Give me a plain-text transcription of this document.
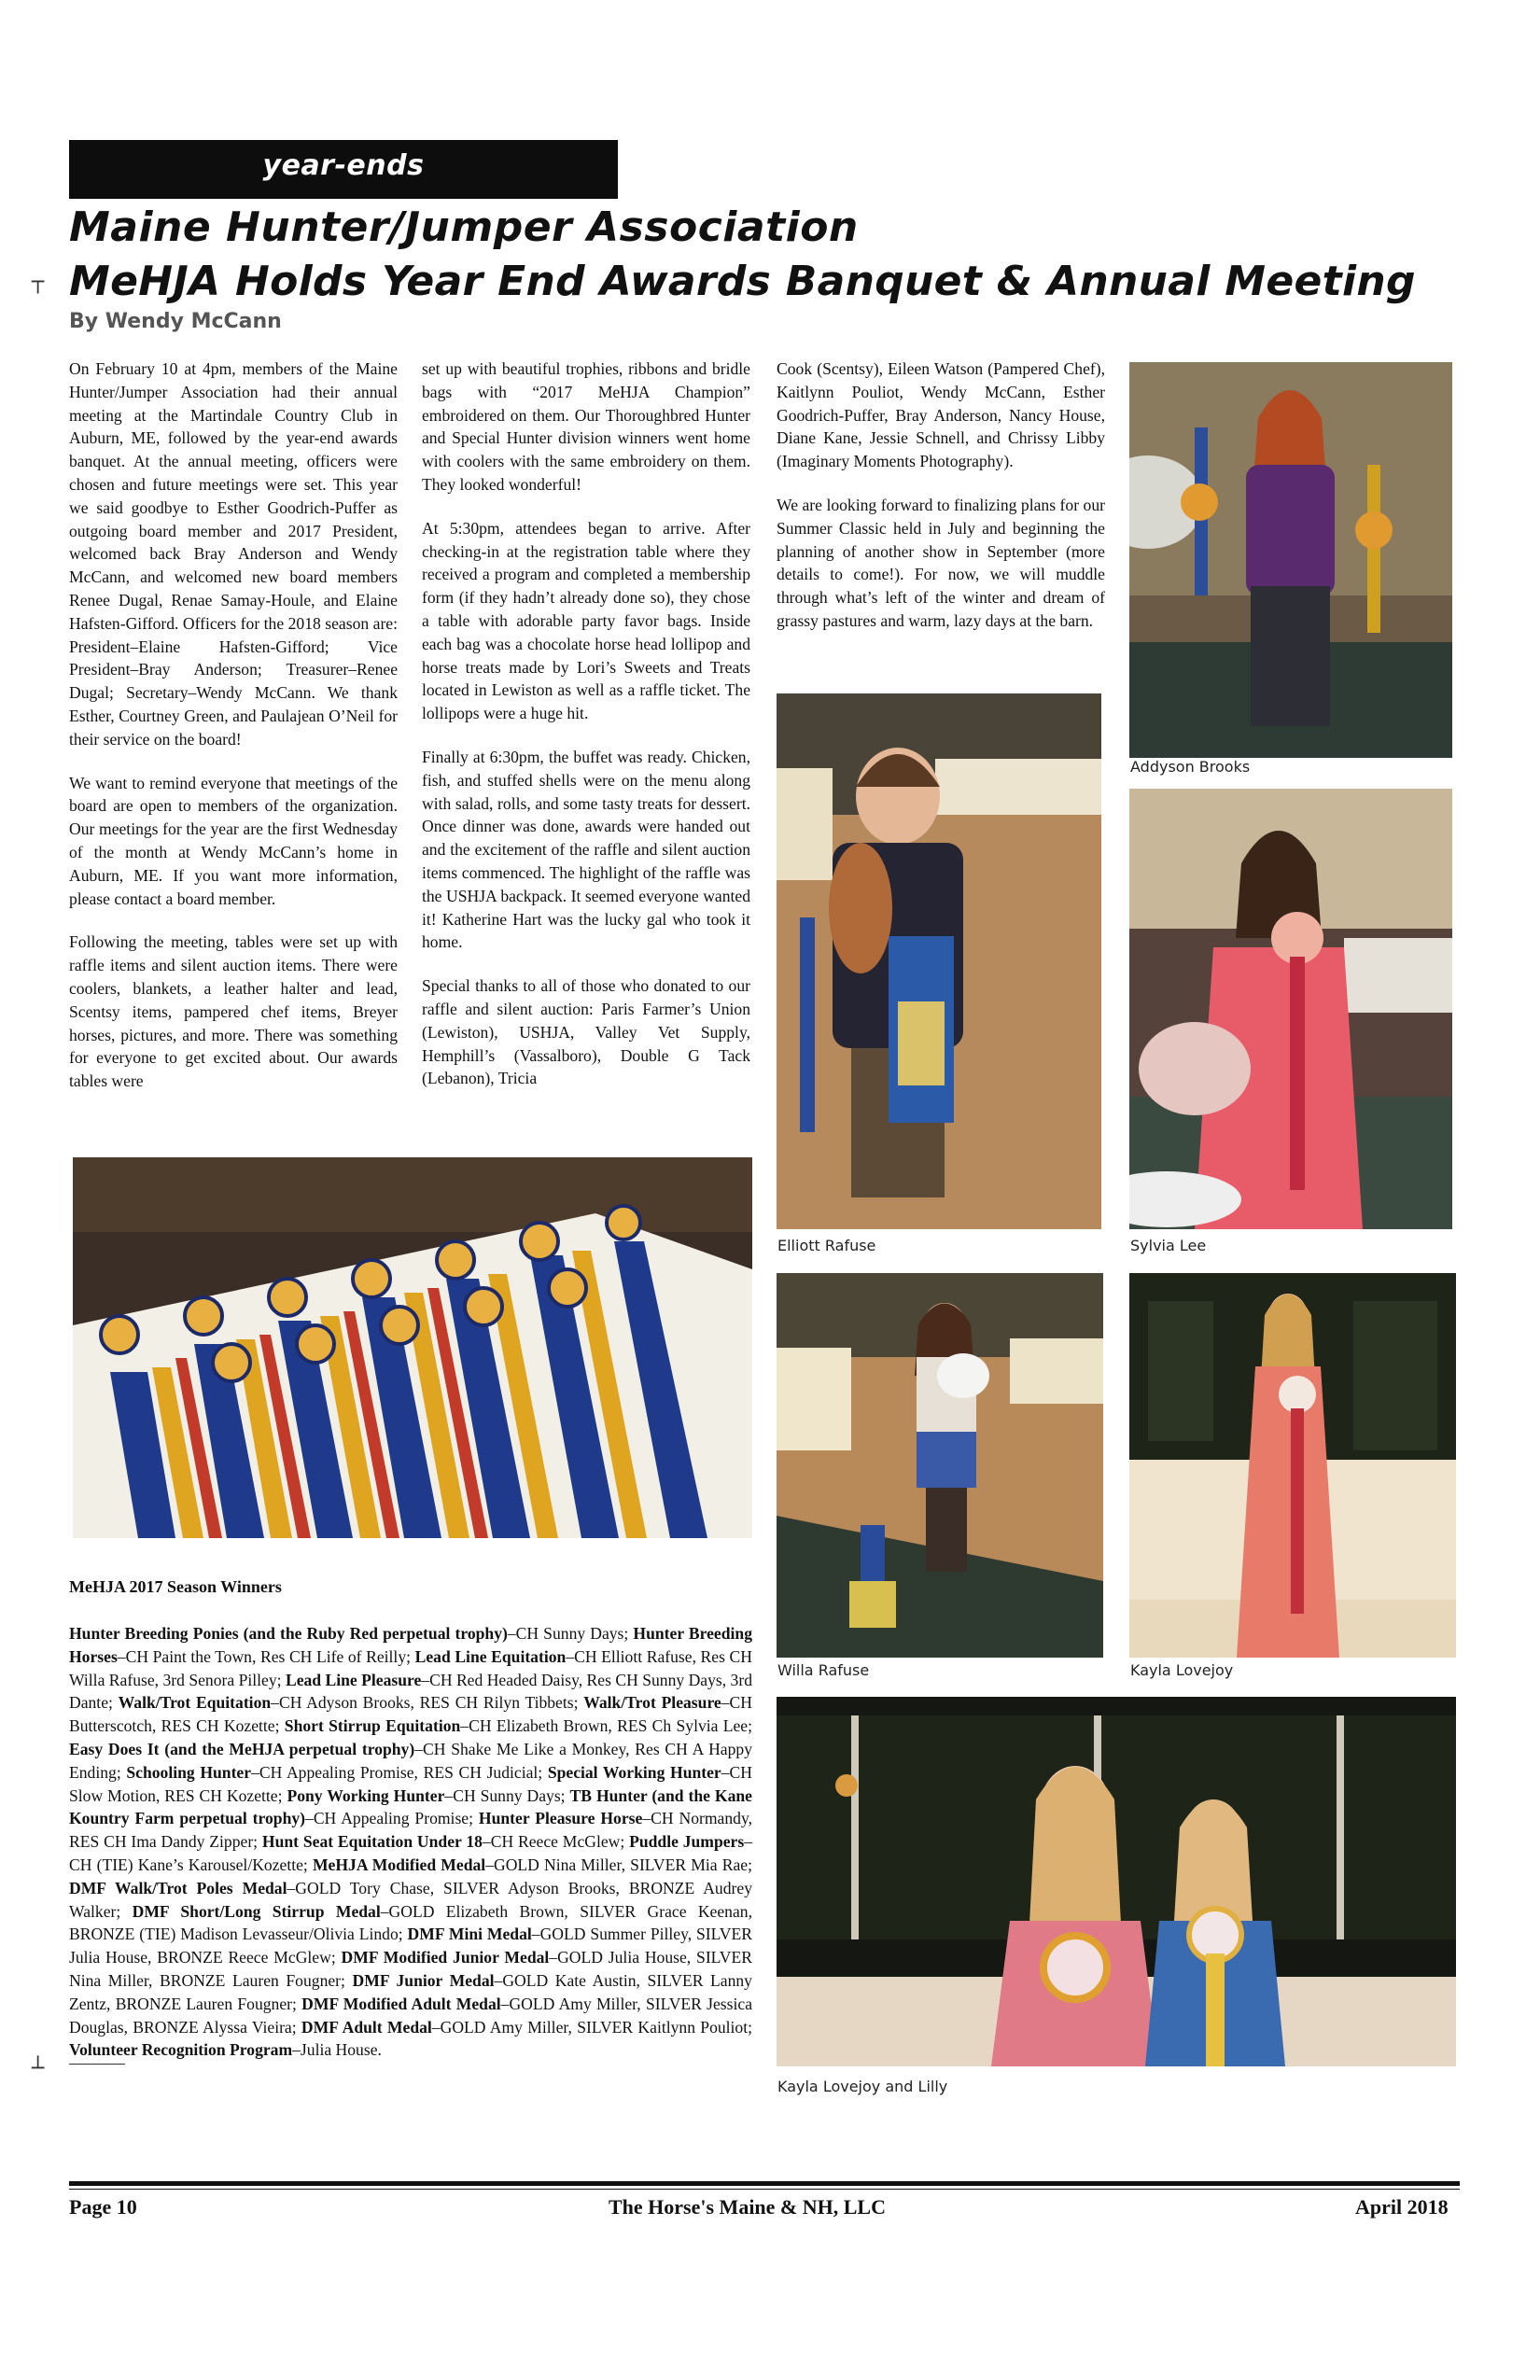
year-ends
Maine Hunter/Jumper Association
┬ MeHJA Holds Year End Awards Banquet & Annual Meeting
By Wendy McCann

On February 10 at 4pm, members of the Maine Hunter/Jumper Association had their annual meeting at the Martindale Country Club in Auburn, ME, followed by the year-end awards banquet. At the annual meeting, officers were chosen and future meetings were set. This year we said goodbye to Esther Goodrich-Puffer as outgoing board member and 2017 President, welcomed back Bray Anderson and Wendy McCann, and welcomed new board members Renee Dugal, Renae Samay-Houle, and Elaine Hafsten-Gifford. Officers for the 2018 season are: President–Elaine Hafsten-Gifford; Vice President–Bray Anderson; Treasurer–Renee Dugal; Secretary–Wendy McCann. We thank Esther, Courtney Green, and Paulajean O’Neil for their service on the board!

We want to remind everyone that meetings of the board are open to members of the organization. Our meetings for the year are the first Wednesday of the month at Wendy McCann’s home in Auburn, ME. If you want more information, please contact a board member.

Following the meeting, tables were set up with raffle items and silent auction items. There were coolers, blankets, a leather halter and lead, Scentsy items, pampered chef items, Breyer horses, pictures, and more. There was something for everyone to get excited about. Our awards tables were

set up with beautiful trophies, ribbons and bridle bags with “2017 MeHJA Champion” embroidered on them. Our Thoroughbred Hunter and Special Hunter division winners went home with coolers with the same embroidery on them. They looked wonderful!

At 5:30pm, attendees began to arrive. After checking-in at the registration table where they received a program and completed a membership form (if they hadn’t already done so), they chose a table with adorable party favor bags. Inside each bag was a chocolate horse head lollipop and horse treats made by Lori’s Sweets and Treats located in Lewiston as well as a raffle ticket. The lollipops were a huge hit.

Finally at 6:30pm, the buffet was ready. Chicken, fish, and stuffed shells were on the menu along with salad, rolls, and some tasty treats for dessert. Once dinner was done, awards were handed out and the excitement of the raffle and silent auction items commenced. The highlight of the raffle was the USHJA backpack. It seemed everyone wanted it! Katherine Hart was the lucky gal who took it home.

Special thanks to all of those who donated to our raffle and silent auction: Paris Farmer’s Union (Lewiston), USHJA, Valley Vet Supply, Hemphill’s (Vassalboro), Double G Tack (Lebanon), Tricia

Cook (Scentsy), Eileen Watson (Pampered Chef), Kaitlynn Pouliot, Wendy McCann, Esther Goodrich-Puffer, Bray Anderson, Nancy House, Diane Kane, Jessie Schnell, and Chrissy Libby (Imaginary Moments Photography).

We are looking forward to finalizing plans for our Summer Classic held in July and beginning the planning of another show in September (more details to come!). For now, we will muddle through what’s left of the winter and dream of grassy pastures and warm, lazy days at the barn.

Addyson Brooks
Elliott Rafuse	Sylvia Lee
Willa Rafuse	Kayla Lovejoy
Kayla Lovejoy and Lilly
MeHJA 2017 Season Winners
Hunter Breeding Ponies (and the Ruby Red perpetual trophy)–CH Sunny Days; Hunter Breeding Horses–CH Paint the Town, Res CH Life of Reilly; Lead Line Equitation–CH Elliott Rafuse, Res CH Willa Rafuse, 3rd Senora Pilley; Lead Line Pleasure–CH Red Headed Daisy, Res CH Sunny Days, 3rd Dante; Walk/Trot Equitation–CH Adyson Brooks, RES CH Rilyn Tibbets; Walk/Trot Pleasure–CH Butterscotch, RES CH Kozette; Short Stirrup Equitation–CH Elizabeth Brown, RES Ch Sylvia Lee; Easy Does It (and the MeHJA perpetual trophy)–CH Shake Me Like a Monkey, Res CH A Happy Ending; Schooling Hunter–CH Appealing Promise, RES CH Judicial; Special Working Hunter–CH Slow Motion, RES CH Kozette; Pony Working Hunter–CH Sunny Days; TB Hunter (and the Kane Kountry Farm perpetual trophy)–CH Appealing Promise; Hunter Pleasure Horse–CH Normandy, RES CH Ima Dandy Zipper; Hunt Seat Equitation Under 18–CH Reece McGlew; Puddle Jumpers–CH (TIE) Kane’s Karousel/Kozette; MeHJA Modified Medal–GOLD Nina Miller, SILVER Mia Rae; DMF Walk/Trot Poles Medal–GOLD Tory Chase, SILVER Adyson Brooks, BRONZE Audrey Walker; DMF Short/Long Stirrup Medal–GOLD Elizabeth Brown, SILVER Grace Keenan, BRONZE (TIE) Madison Levasseur/Olivia Lindo; DMF Mini Medal–GOLD Summer Pilley, SILVER Julia House, BRONZE Reece McGlew; DMF Modified Junior Medal–GOLD Julia House, SILVER Nina Miller, BRONZE Lauren Fougner; DMF Junior Medal–GOLD Kate Austin, SILVER Lanny Zentz, BRONZE Lauren Fougner; DMF Modified Adult Medal–GOLD Amy Miller, SILVER Jessica Douglas, BRONZE Alyssa Vieira; DMF Adult Medal–GOLD Amy Miller, SILVER Kaitlynn Pouliot; Volunteer Recognition Program–Julia House.
┴
Page 10	The Horse's Maine & NH, LLC	April 2018
